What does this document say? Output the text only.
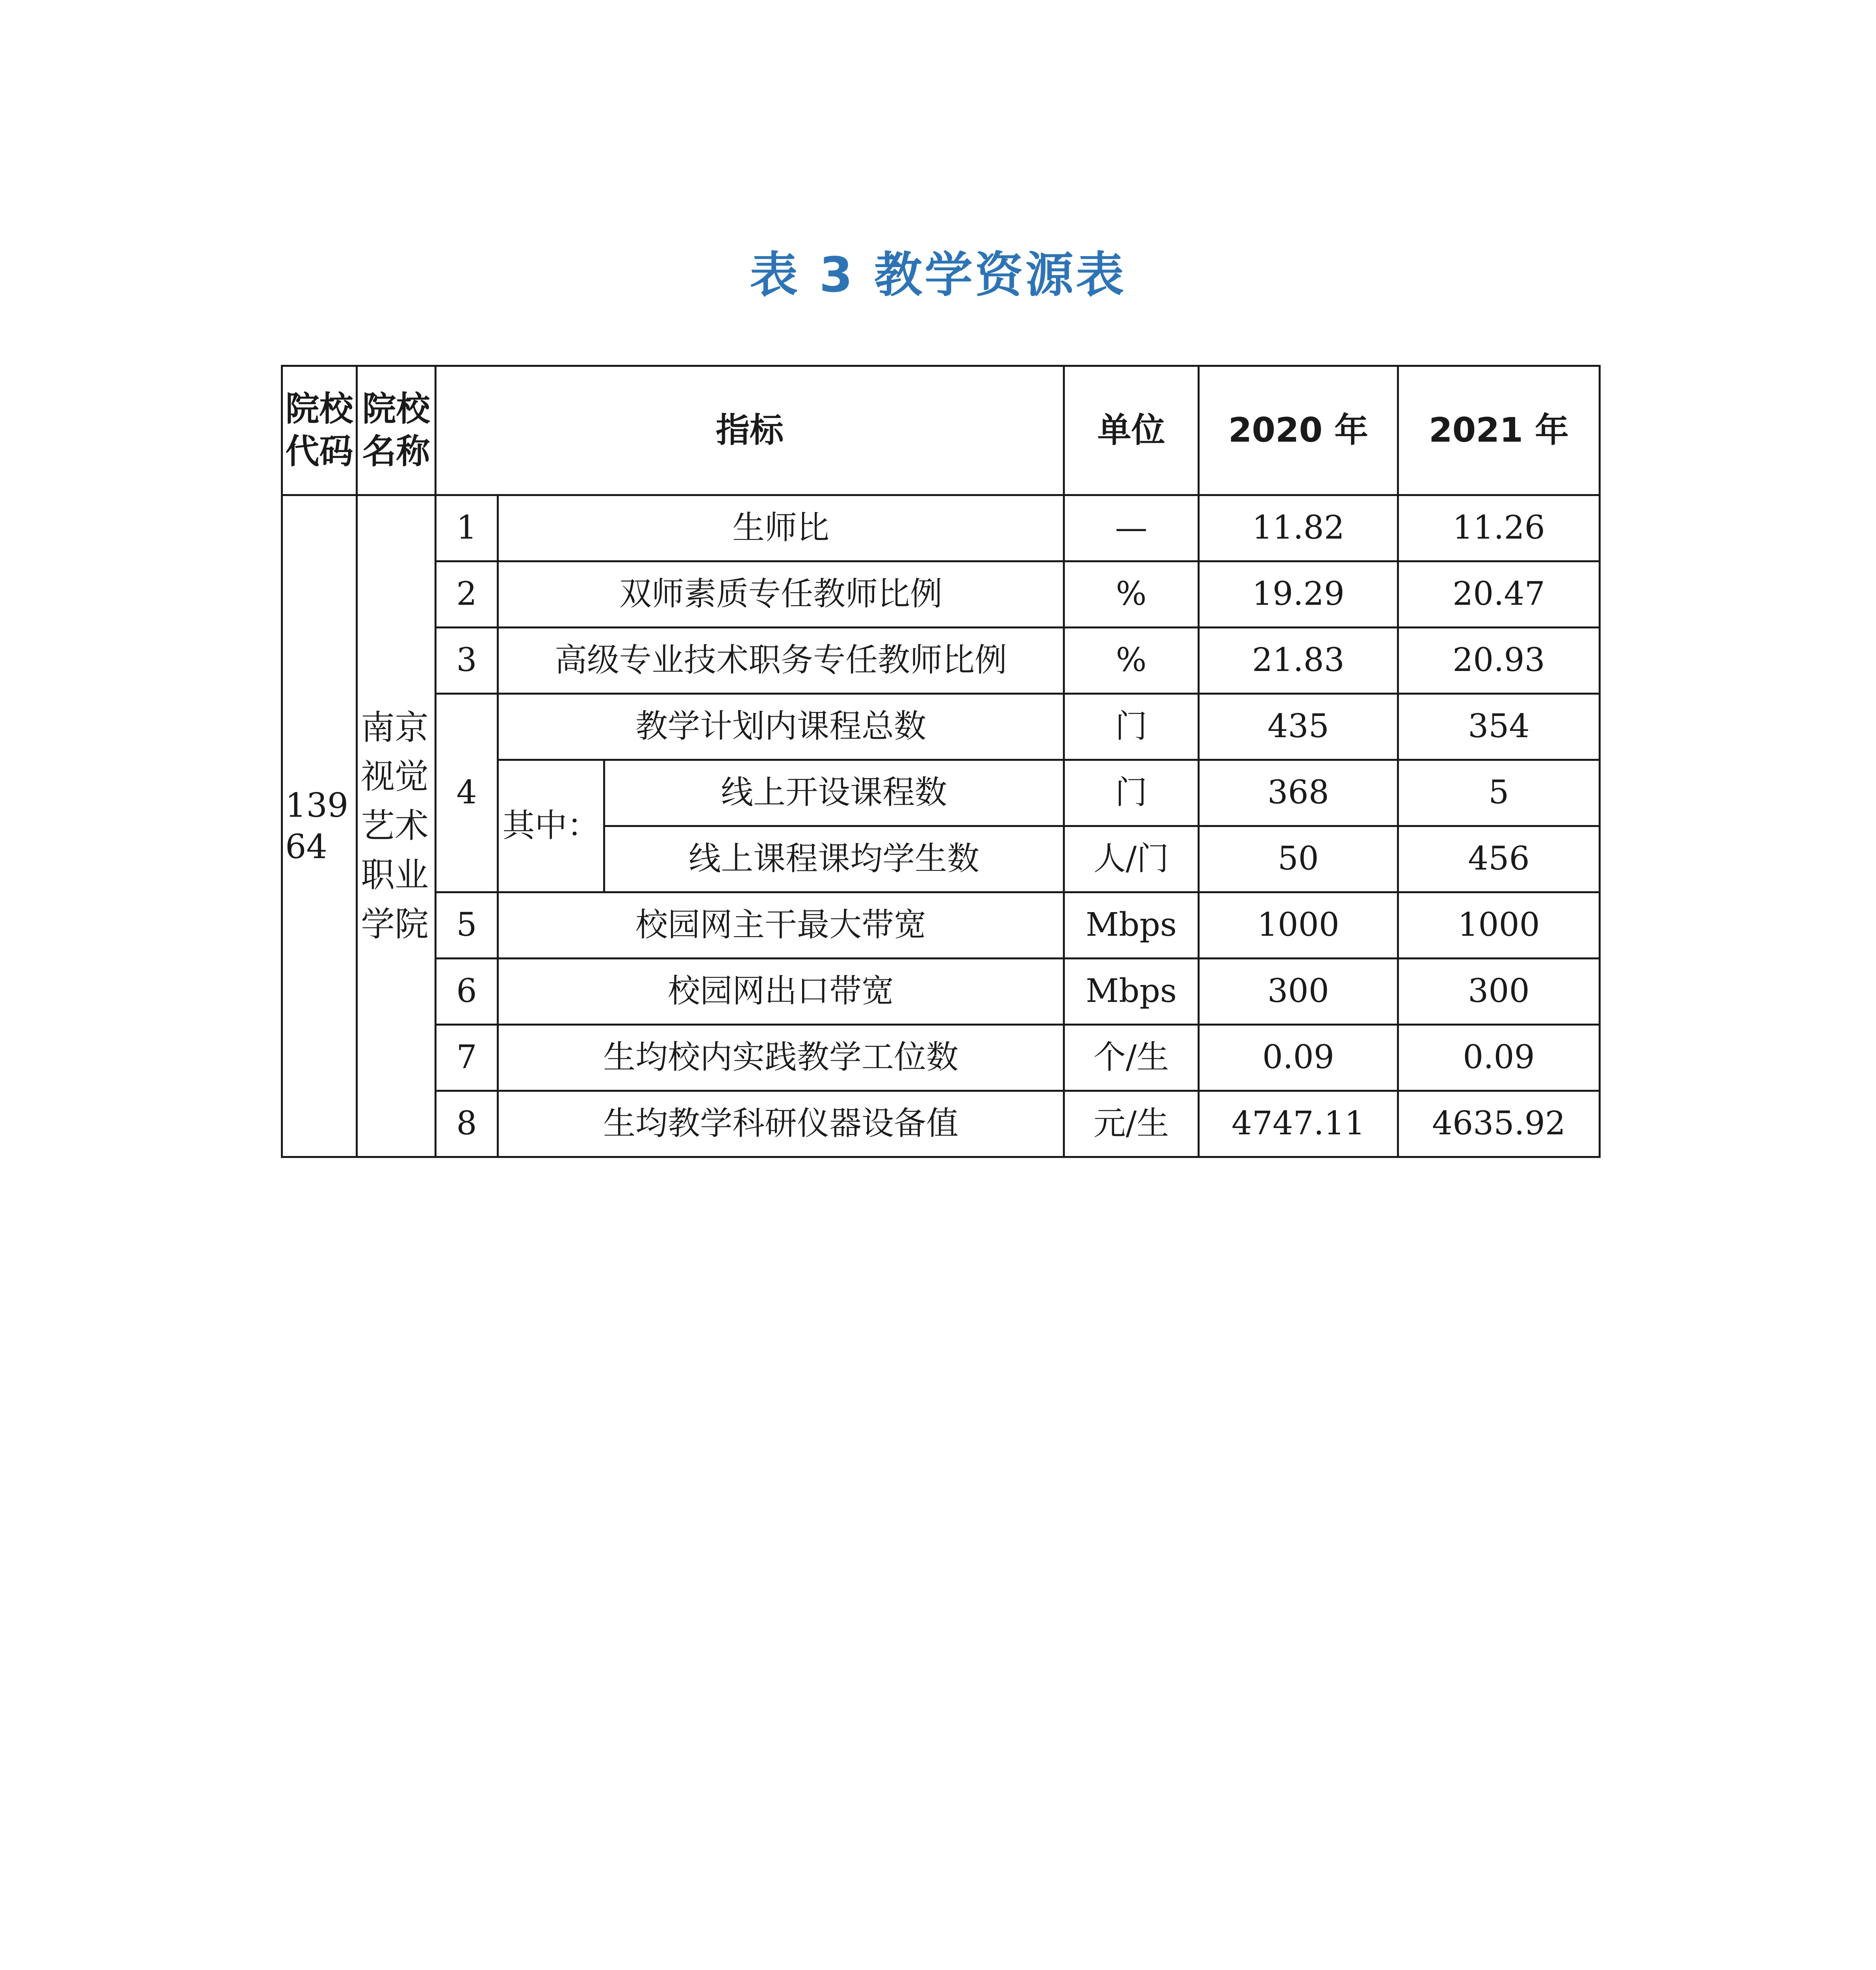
表 3 教学资源表
院校代码	院校名称	指标			单位	2020 年	2021 年
13964	南京视觉艺术职业学院	1	生师比		—	11.82	11.26
		2	双师素质专任教师比例		%	19.29	20.47
		3	高级专业技术职务专任教师比例		%	21.83	20.93
		4	教学计划内课程总数		门	435	354
			其中：	线上开设课程数	门	368	5
				线上课程课均学生数	人/门	50	456
		5	校园网主干最大带宽		Mbps	1000	1000
		6	校园网出口带宽		Mbps	300	300
		7	生均校内实践教学工位数		个/生	0.09	0.09
		8	生均教学科研仪器设备值		元/生	4747.11	4635.92
